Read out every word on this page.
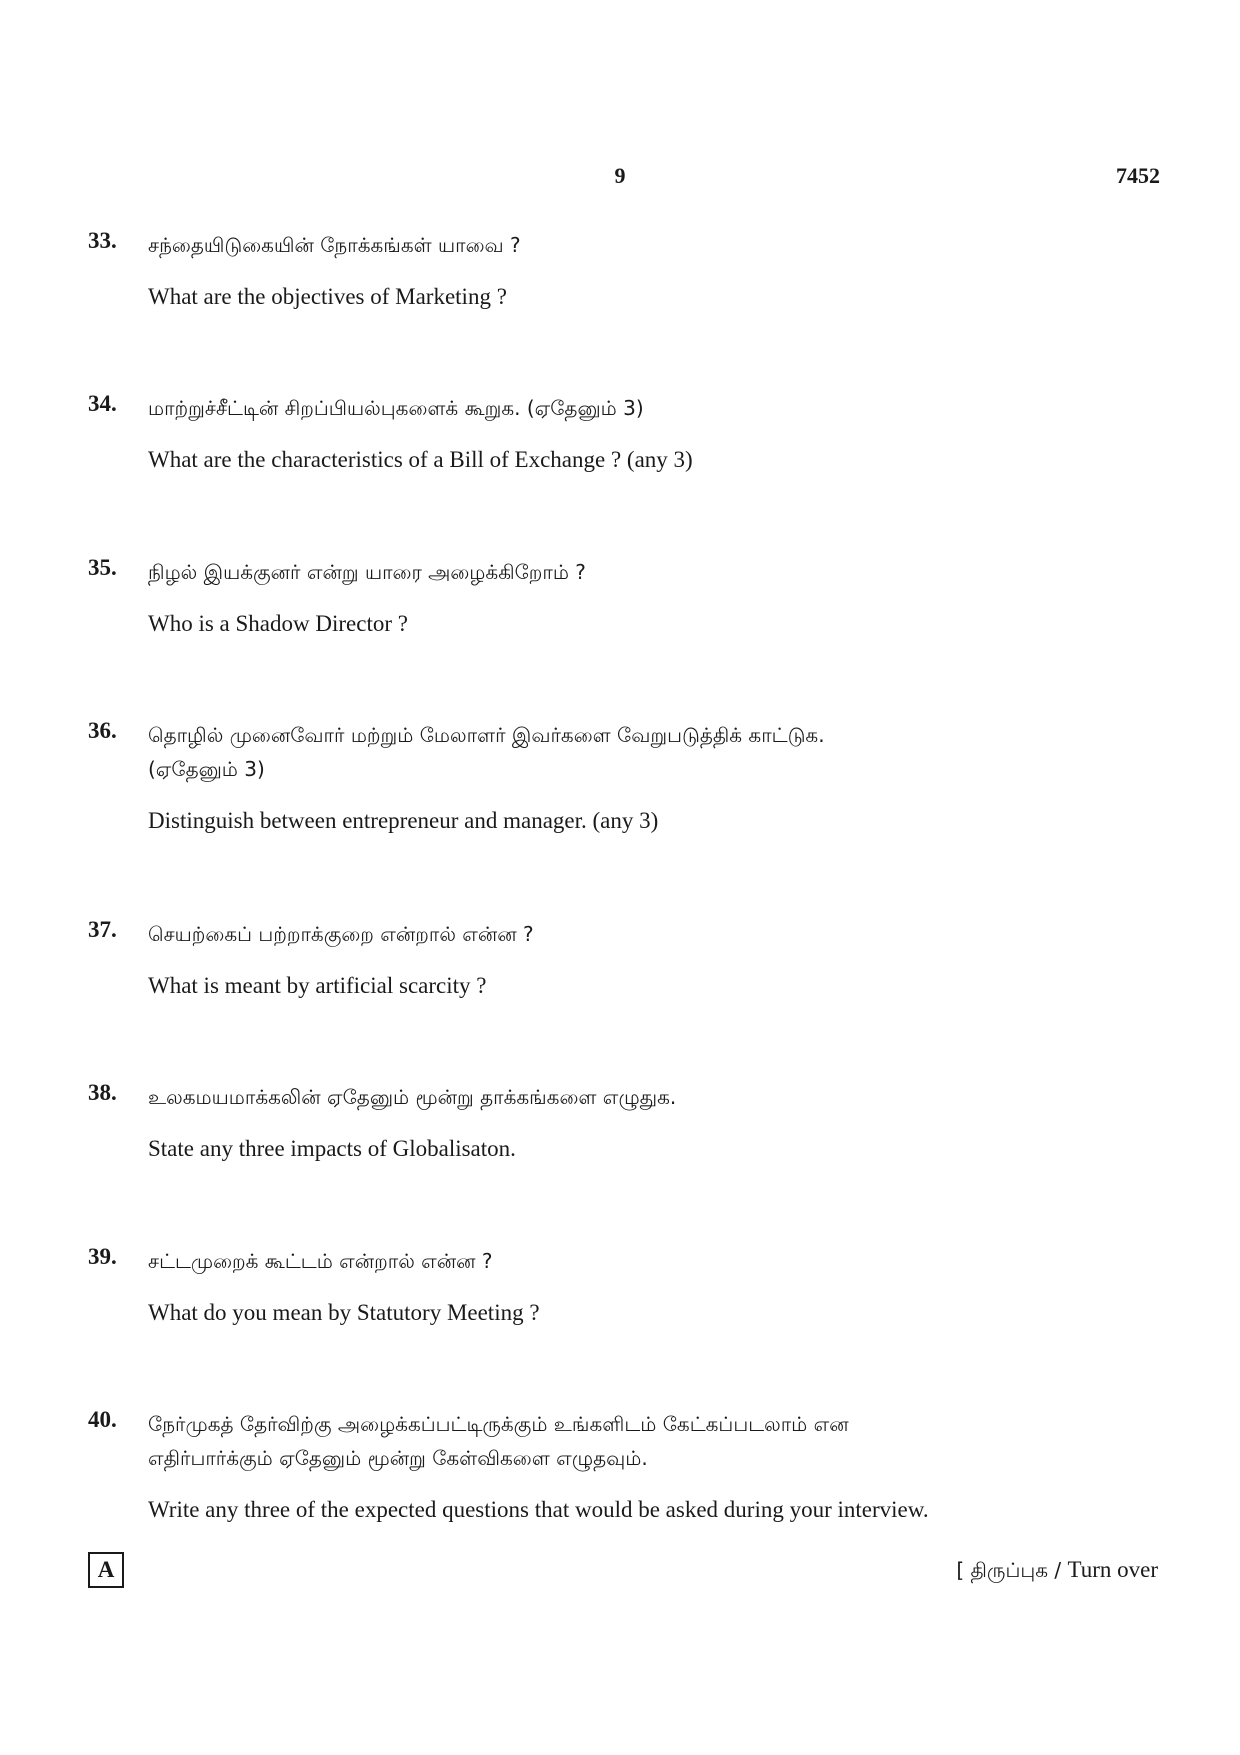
9	7452
33. சந்தையிடுகையின் நோக்கங்கள் யாவை ?
What are the objectives of Marketing ?
34. மாற்றுச்சீட்டின் சிறப்பியல்புகளைக் கூறுக. (ஏதேனும் 3)
What are the characteristics of a Bill of Exchange ? (any 3)
35. நிழல் இயக்குனர் என்று யாரை அழைக்கிறோம் ?
Who is a Shadow Director ?
36. தொழில் முனைவோர் மற்றும் மேலாளர் இவர்களை வேறுபடுத்திக் காட்டுக.
(ஏதேனும் 3)
Distinguish between entrepreneur and manager. (any 3)
37. செயற்கைப் பற்றாக்குறை என்றால் என்ன ?
What is meant by artificial scarcity ?
38. உலகமயமாக்கலின் ஏதேனும் மூன்று தாக்கங்களை எழுதுக.
State any three impacts of Globalisaton.
39. சட்டமுறைக் கூட்டம் என்றால் என்ன ?
What do you mean by Statutory Meeting ?
40. நேர்முகத் தேர்விற்கு அழைக்கப்பட்டிருக்கும் உங்களிடம் கேட்கப்படலாம் என
எதிர்பார்க்கும் ஏதேனும் மூன்று கேள்விகளை எழுதவும்.
Write any three of the expected questions that would be asked during your interview.
A	[ திருப்புக / Turn over
